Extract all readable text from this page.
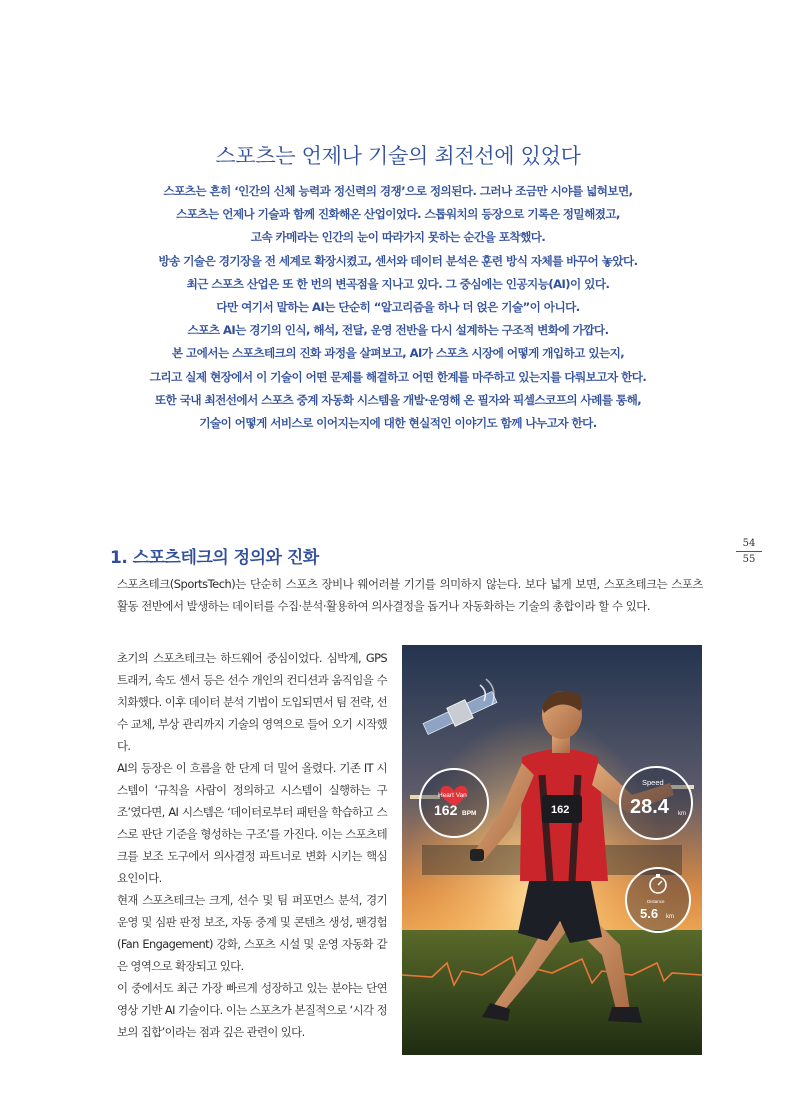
스포츠는 언제나 기술의 최전선에 있었다
스포츠는 흔히 ‘인간의 신체 능력과 정신력의 경쟁’으로 정의된다. 그러나 조금만 시야를 넓혀보면,
스포츠는 언제나 기술과 함께 진화해온 산업이었다. 스톱워치의 등장으로 기록은 정밀해졌고,
고속 카메라는 인간의 눈이 따라가지 못하는 순간을 포착했다.
방송 기술은 경기장을 전 세계로 확장시켰고, 센서와 데이터 분석은 훈련 방식 자체를 바꾸어 놓았다.
최근 스포츠 산업은 또 한 번의 변곡점을 지나고 있다. 그 중심에는 인공지능(AI)이 있다.
다만 여기서 말하는 AI는 단순히 “알고리즘을 하나 더 얹은 기술”이 아니다.
스포츠 AI는 경기의 인식, 해석, 전달, 운영 전반을 다시 설계하는 구조적 변화에 가깝다.
본 고에서는 스포츠테크의 진화 과정을 살펴보고, AI가 스포츠 시장에 어떻게 개입하고 있는지,
그리고 실제 현장에서 이 기술이 어떤 문제를 해결하고 어떤 한계를 마주하고 있는지를 다뤄보고자 한다.
또한 국내 최전선에서 스포츠 중계 자동화 시스템을 개발·운영해 온 필자와 픽셀스코프의 사례를 통해,
기술이 어떻게 서비스로 이어지는지에 대한 현실적인 이야기도 함께 나누고자 한다.
54
55
1. 스포츠테크의 정의와 진화

스포츠테크(SportsTech)는 단순히 스포츠 장비나 웨어러블 기기를 의미하지 않는다. 보다 넓게 보면, 스포츠테크는 스포츠 활동 전반에서 발생하는 데이터를 수집·분석·활용하여 의사결정을 돕거나 자동화하는 기술의 총합이라 할 수 있다.

초기의 스포츠테크는 하드웨어 중심이었다. 심박계, GPS 트래커, 속도 센서 등은 선수 개인의 컨디션과 움직임을 수치화했다. 이후 데이터 분석 기법이 도입되면서 팀 전략, 선수 교체, 부상 관리까지 기술의 영역으로 들어 오기 시작했다.

AI의 등장은 이 흐름을 한 단계 더 밀어 올렸다. 기존 IT 시스템이 ‘규칙을 사람이 정의하고 시스템이 실행하는 구조’였다면, AI 시스템은 ‘데이터로부터 패턴을 학습하고 스스로 판단 기준을 형성하는 구조’를 가진다. 이는 스포츠테크를 보조 도구에서 의사결정 파트너로 변화 시키는 핵심 요인이다.

현재 스포츠테크는 크게, 선수 및 팀 퍼포먼스 분석, 경기 운영 및 심판 판정 보조, 자동 중계 및 콘텐츠 생성, 팬경험(Fan Engagement) 강화, 스포츠 시설 및 운영 자동화 같은 영역으로 확장되고 있다.

이 중에서도 최근 가장 빠르게 성장하고 있는 분야는 단연 영상 기반 AI 기술이다. 이는 스포츠가 본질적으로 ‘시각 정보의 집합’이라는 점과 깊은 관련이 있다.

Heart Van
162 BPM	162
Speed
28.4 km
Distance
5.6 km
